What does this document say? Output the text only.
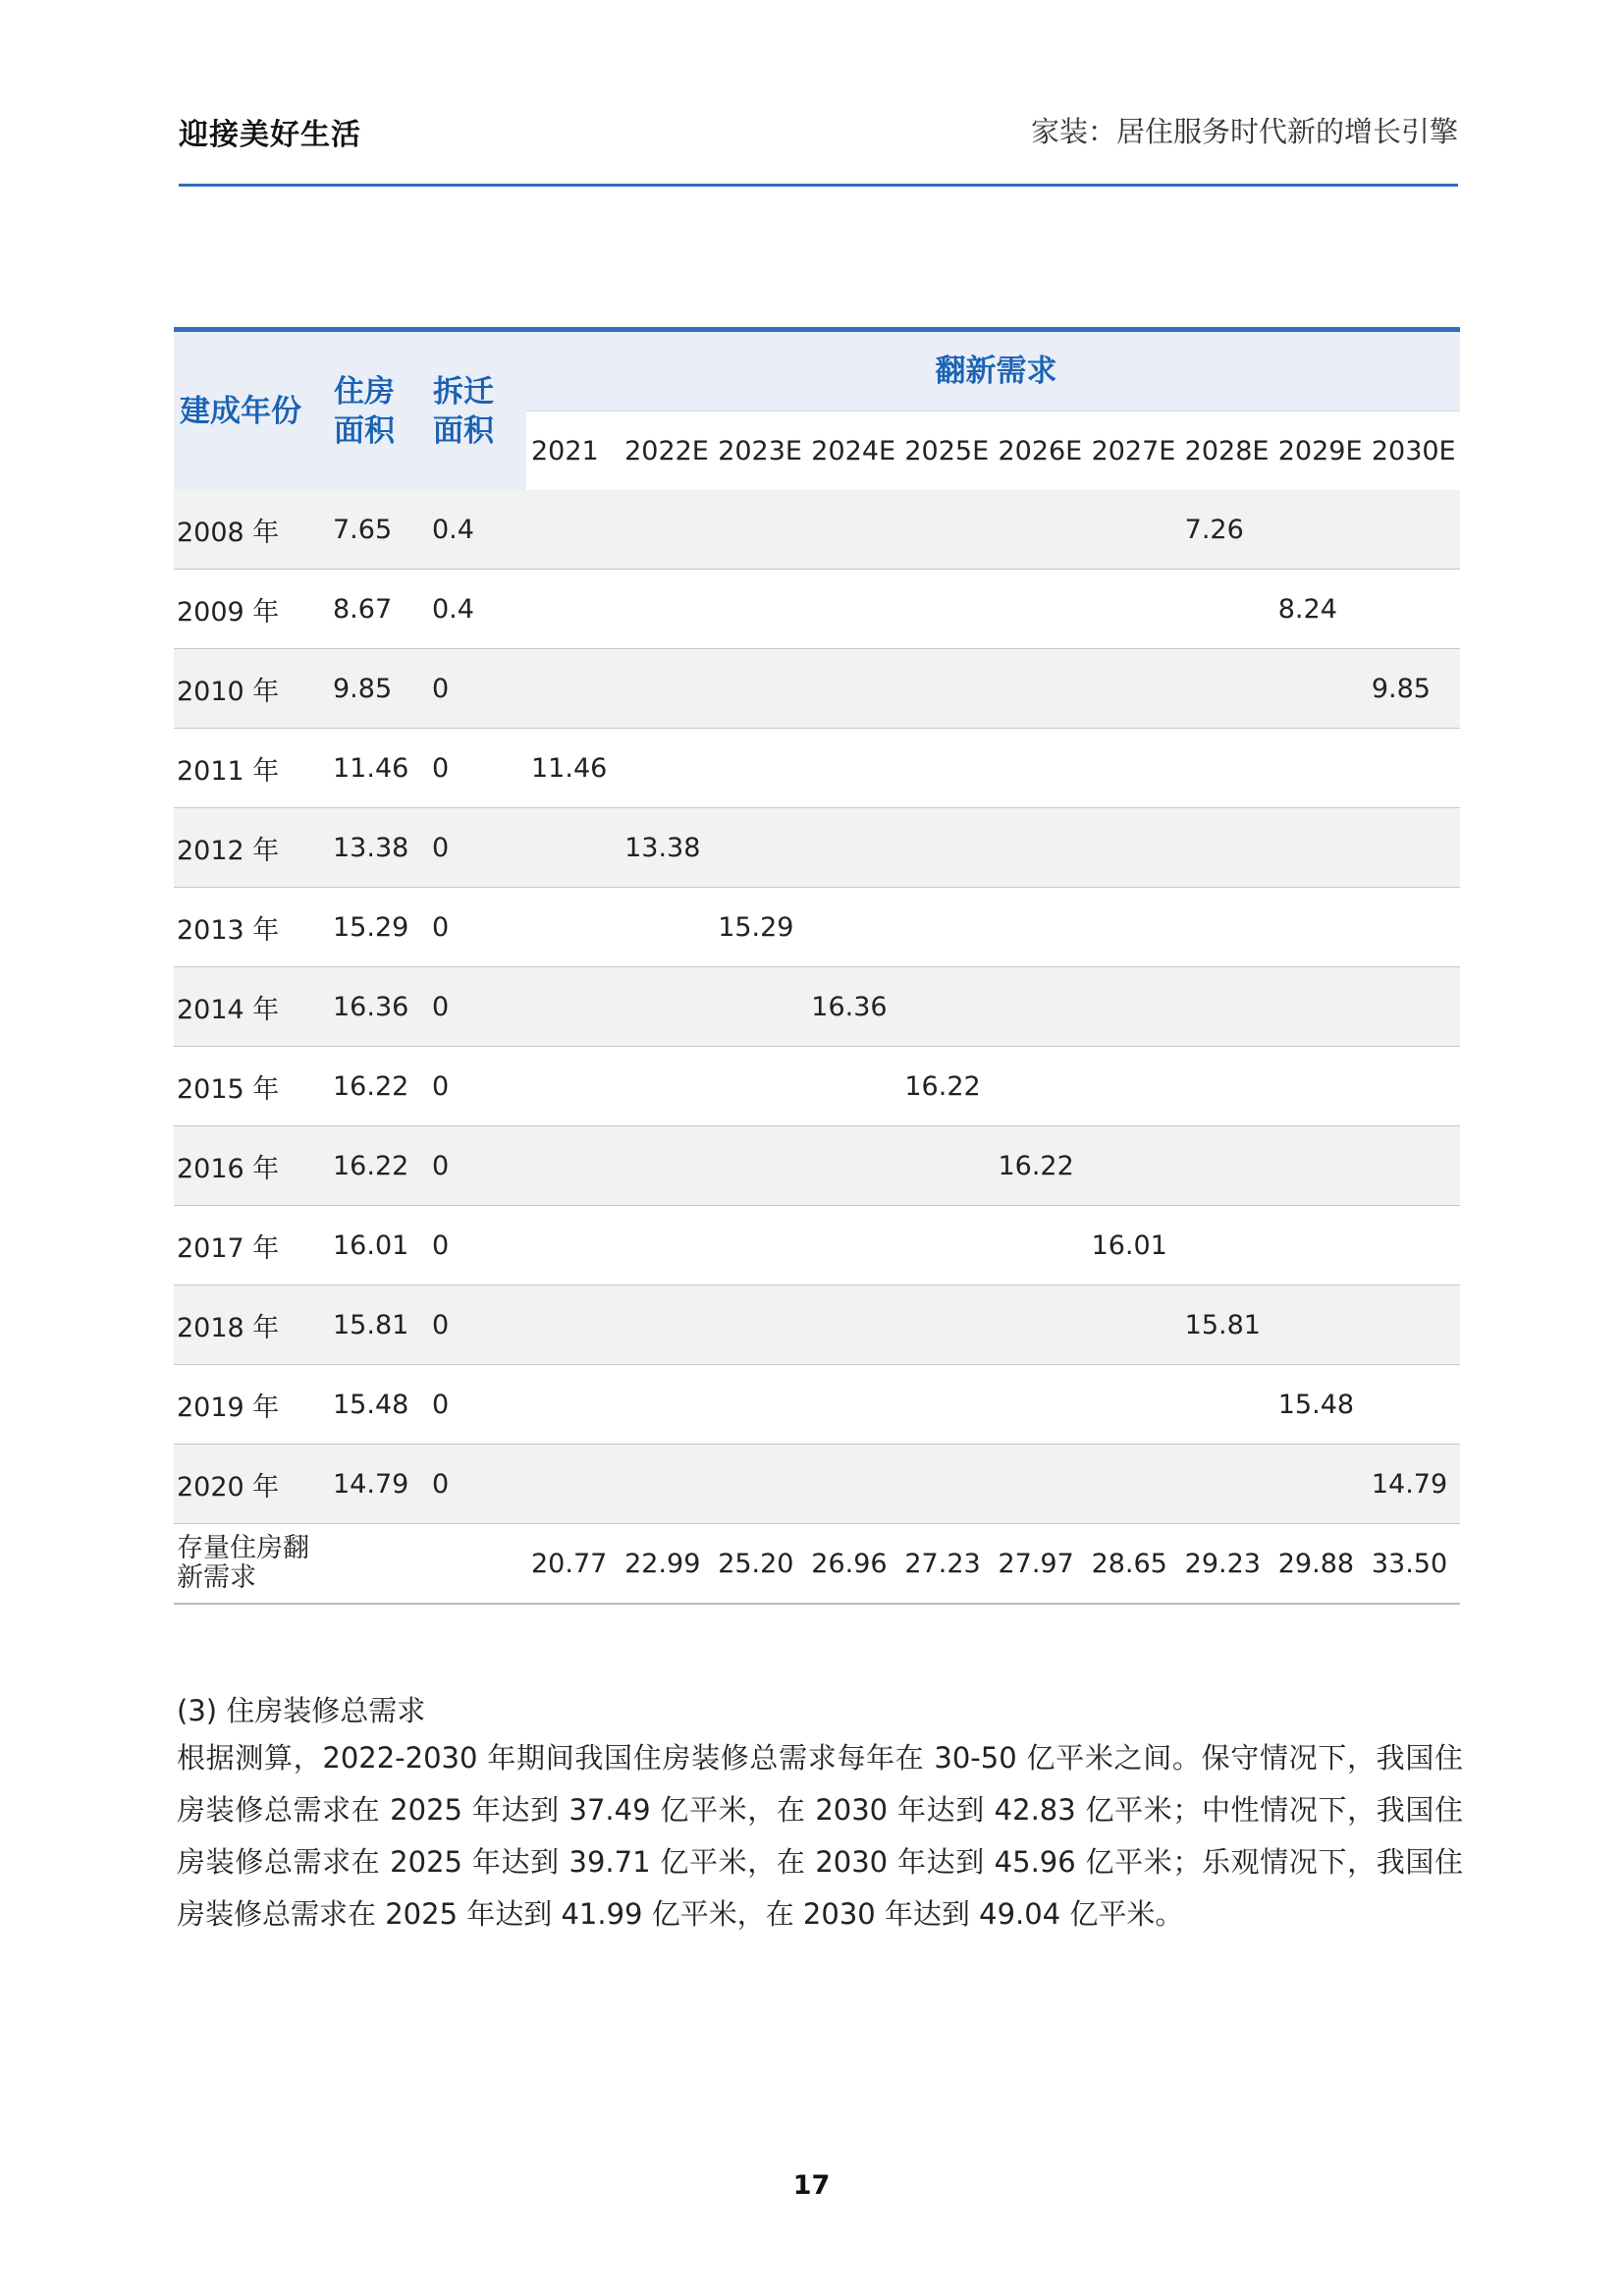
迎接美好生活	家装：居住服务时代新的增长引擎
建成年份	住房面积	拆迁面积	翻新需求									
			2021	2022E	2023E	2024E	2025E	2026E	2027E	2028E	2029E	2030E
2008 年	7.65	0.4								7.26		
2009 年	8.67	0.4									8.24	
2010 年	9.85	0										9.85
2011 年	11.46	0	11.46									
2012 年	13.38	0		13.38								
2013 年	15.29	0			15.29							
2014 年	16.36	0				16.36						
2015 年	16.22	0					16.22					
2016 年	16.22	0						16.22				
2017 年	16.01	0							16.01			
2018 年	15.81	0								15.81		
2019 年	15.48	0									15.48	
2020 年	14.79	0										14.79
存量住房翻新需求			20.77	22.99	25.20	26.96	27.23	27.97	28.65	29.23	29.88	33.50
(3) 住房装修总需求
根据测算，2022-2030 年期间我国住房装修总需求每年在 30-50 亿平米之间。保守情况下，我国住房装修总需求在 2025 年达到 37.49 亿平米，在 2030 年达到 42.83 亿平米；中性情况下，我国住房装修总需求在 2025 年达到 39.71 亿平米，在 2030 年达到 45.96 亿平米；乐观情况下，我国住房装修总需求在 2025 年达到 41.99 亿平米，在 2030 年达到 49.04 亿平米。
17
